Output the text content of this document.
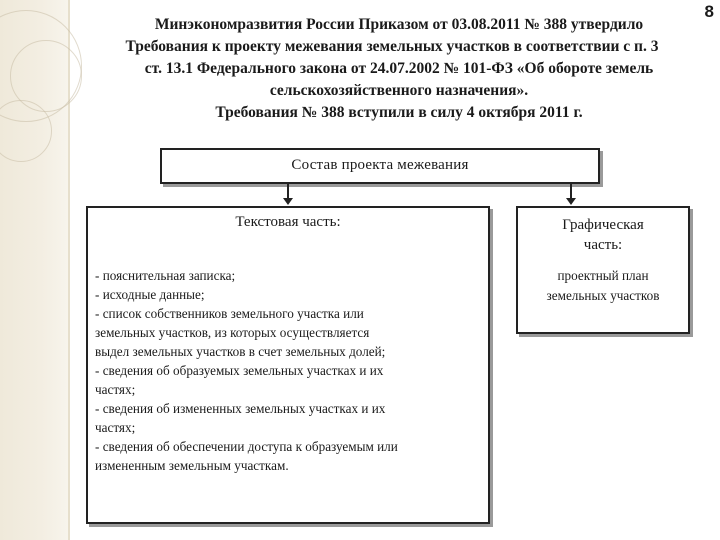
8
Минэкономразвития России Приказом от 03.08.2011 № 388 утвердило
Требования к проекту межевания земельных участков в соответствии с п. 3
ст. 13.1 Федерального закона от 24.07.2002 № 101-ФЗ «Об обороте земель
сельскохозяйственного назначения».
Требования № 388 вступили в силу 4 октября 2011 г.
Состав проекта межевания
Текстовая часть:
- пояснительная записка;
- исходные данные;
- список собственников земельного участка или
земельных участков, из которых осуществляется
выдел земельных участков в счет земельных долей;
- сведения об образуемых земельных участках и их
частях;
- сведения об измененных земельных участках и их
частях;
- сведения об обеспечении доступа к образуемым или
измененным земельным участкам.
Графическая
часть:
проектный план
земельных участков
